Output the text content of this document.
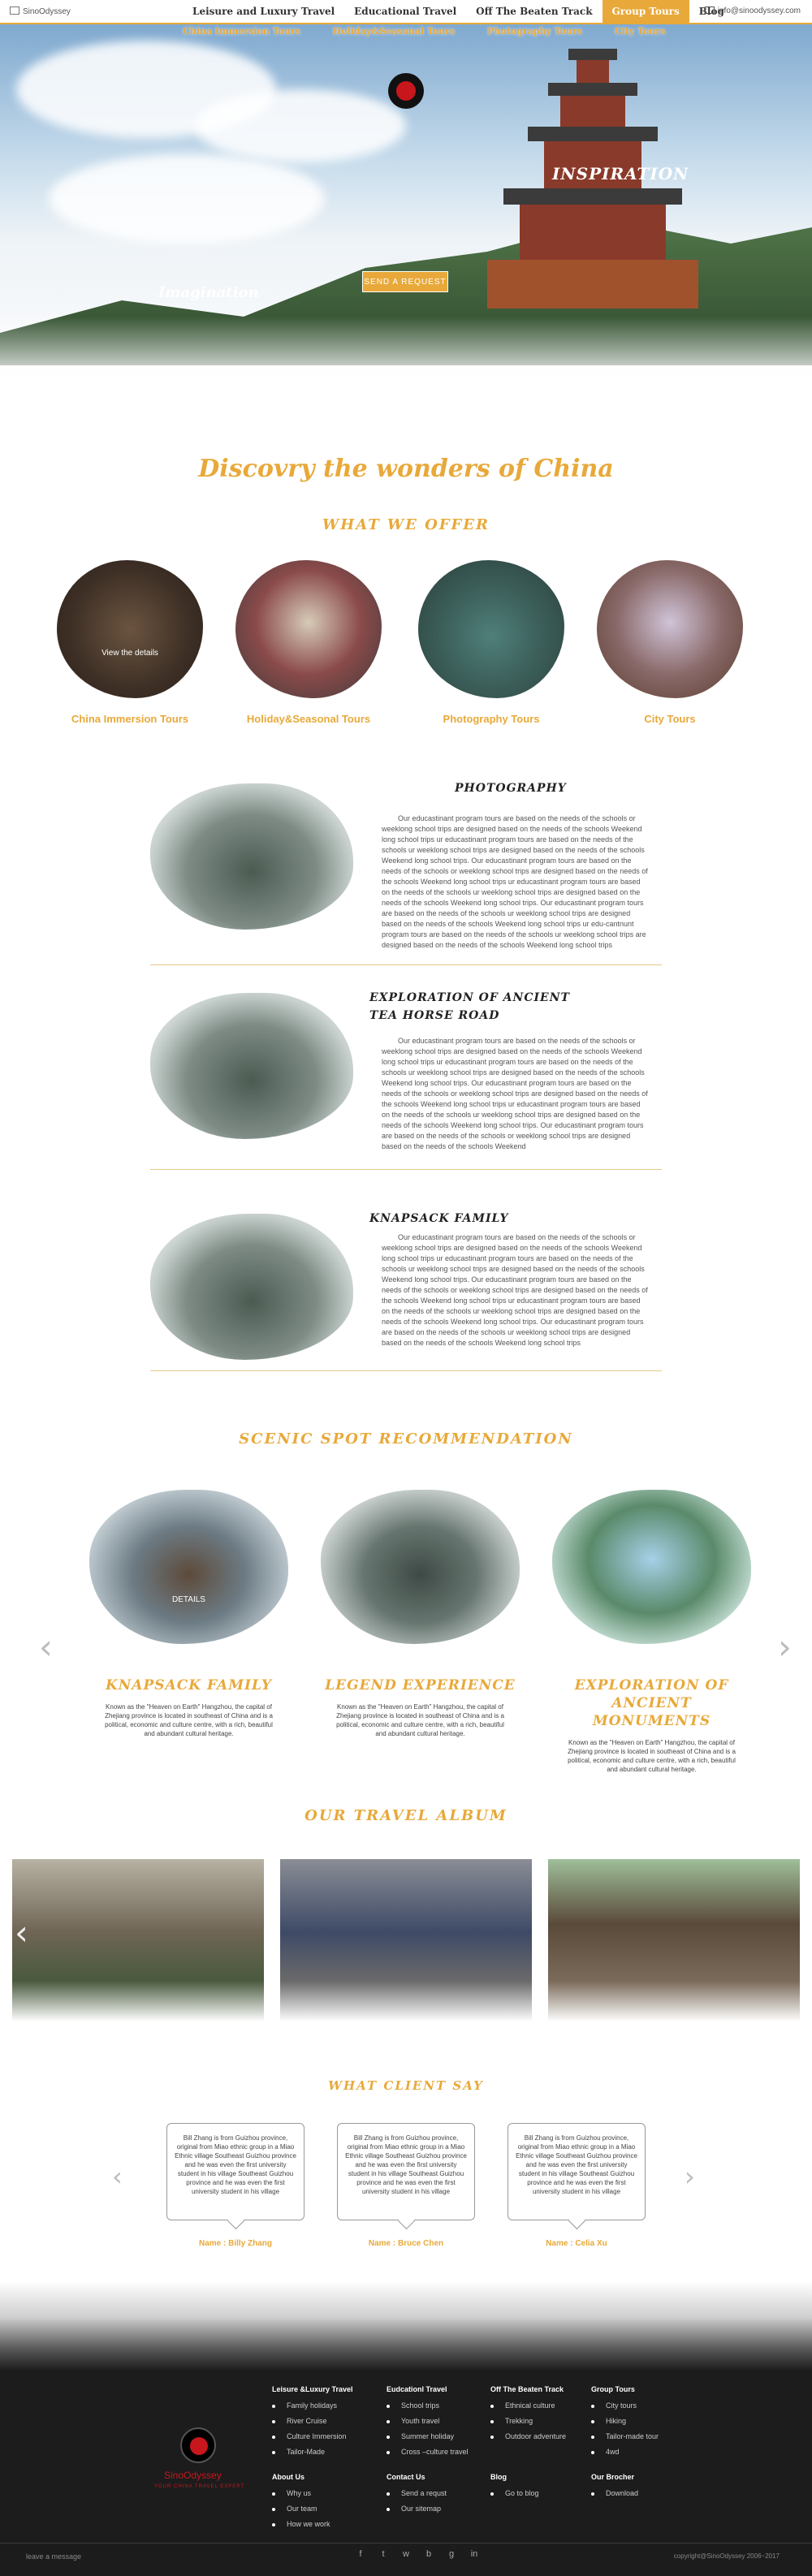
SinoOdyssey	Leisure and Luxury Travel	Educational Travel	Off The Beaten Track	Group Tours	Blog
info@sinoodyssey.com
INSPIRATION
Imagination
SEND A REQUEST
China Immersion Tours	Holiday&Seasonal Tours	Photography Tours	City Tours
Discovry the wonders of China
WHAT WE OFFER
View the details
China Immersion Tours	Holiday&Seasonal Tours	Photography Tours	City Tours
PHOTOGRAPHY

Our educastinant program tours are based on the needs of the schools or weeklong school trips are designed based on the needs of the schools Weekend long school trips ur educastinant program tours are based on the needs of the schools ur weeklong school trips are designed based on the needs of the schools Weekend long school trips. Our educastinant program tours are based on the needs of the schools or weeklong school trips are designed based on the needs of the schools Weekend long school trips ur educastinant program tours are based on the needs of the schools ur weeklong school trips are designed based on the needs of the schools Weekend long school trips. Our educastinant program tours are based on the needs of the schools ur weeklong school trips are designed based on the needs of the schools Weekend long school trips ur edu-cantnunt program tours are based on the needs of the schools ur weeklong school trips are designed based on the needs of the schools Weekend long school trips

EXPLORATION OF ANCIENT TEA HORSE ROAD

Our educastinant program tours are based on the needs of the schools or weeklong school trips are designed based on the needs of the schools Weekend long school trips ur educastinant program tours are based on the needs of the schools ur weeklong school trips are designed based on the needs of the schools Weekend long school trips. Our educastinant program tours are based on the needs of the schools or weeklong school trips are designed based on the needs of the schools Weekend long school trips ur educastinant program tours are based on the needs of the schools ur weeklong school trips are designed based on the needs of the schools Weekend long school trips. Our educastinant program tours are based on the needs of the schools or weeklong school trips are designed based on the needs of the schools Weekend

KNAPSACK FAMILY

Our educastinant program tours are based on the needs of the schools or weeklong school trips are designed based on the needs of the schools Weekend long school trips ur educastinant program tours are based on the needs of the schools ur weeklong school trips are designed based on the needs of the schools Weekend long school trips. Our educastinant program tours are based on the needs of the schools or weeklong school trips are designed based on the needs of the schools Weekend long school trips ur educastinant program tours are based on the needs of the schools ur weeklong school trips are designed based on the needs of the schools Weekend long school trips. Our educastinant program tours are based on the needs of the schools ur weeklong school trips are designed based on the needs of the schools Weekend long school trips

SCENIC SPOT RECOMMENDATION
‹	›
DETAILS
KNAPSACK FAMILY

Known as the "Heaven on Earth" Hangzhou, the capital of Zhejiang province is located in southeast of China and is a political, economic and culture centre, with a rich, beautiful and abundant cultural heritage.

LEGEND EXPERIENCE

Known as the "Heaven on Earth" Hangzhou, the capital of Zhejiang province is located in southeast of China and is a political, economic and culture centre, with a rich, beautiful and abundant cultural heritage.

EXPLORATION OF ANCIENT MONUMENTS

Known as the "Heaven on Earth" Hangzhou, the capital of Zhejiang province is located in southeast of China and is a political, economic and culture centre, with a rich, beautiful and abundant cultural heritage.

OUR TRAVEL ALBUM
‹
WHAT CLIENT SAY
‹	›

Bill Zhang is from Guizhou province, original from Miao ethnic group in a Miao Ethnic village Southeast Guizhou province and he was even the first university student in his village Southeast Guizhou province and he was even the first university student in his village

Bill Zhang is from Guizhou province, original from Miao ethnic group in a Miao Ethnic village Southeast Guizhou province and he was even the first university student in his village Southeast Guizhou province and he was even the first university student in his village

Bill Zhang is from Guizhou province, original from Miao ethnic group in a Miao Ethnic village Southeast Guizhou province and he was even the first university student in his village Southeast Guizhou province and he was even the first university student in his village

Name : Billy Zhang	Name : Bruce Chen	Name : Celia Xu
SinoOdyssey
YOUR CHINA TRAVEL EXPERT
Leisure &Luxury Travel
Family holidays
River Cruise
Culture Immersion
Tailor-Made
Eudcationl Travel
School trips
Youth travel
Summer holiday
Cross –culture travel
Off The Beaten Track
Ethnical culture
Trekking
Outdoor adventure
Group Tours
City tours
Hiking
Tailor-made tour
4wd
About Us
Why us
Our team
How we work
Contact Us
Send a requst
Our sitemap
Blog
Go to blog
Our Brocher
Download
leave a message	f	t	w b g in	copyright@SinoOdyssey 2006~2017
